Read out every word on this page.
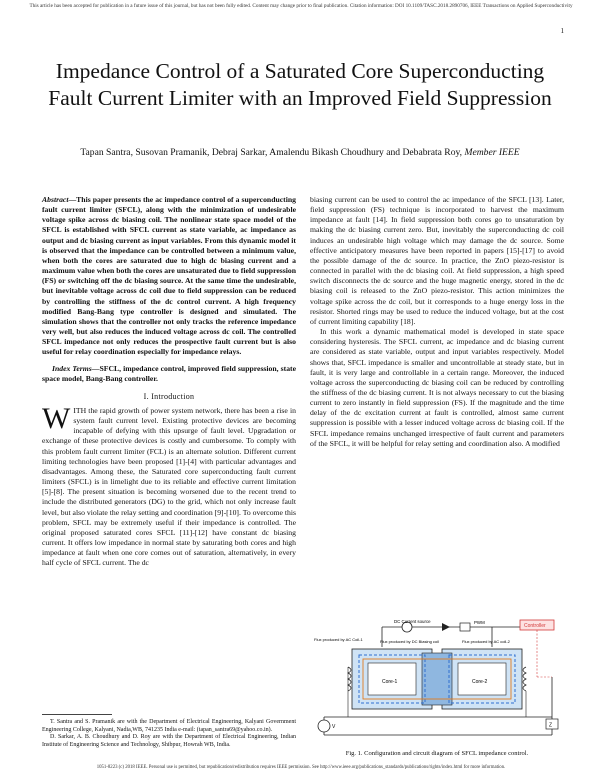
This article has been accepted for publication in a future issue of this journal, but has not been fully edited. Content may change prior to final publication. Citation information: DOI 10.1109/TASC.2018.2890706, IEEE Transactions on Applied Superconductivity
1
Impedance Control of a Saturated Core Superconducting Fault Current Limiter with an Improved Field Suppression
Tapan Santra, Susovan Pramanik, Debraj Sarkar, Amalendu Bikash Choudhury and Debabrata Roy, Member IEEE

Abstract—This paper presents the ac impedance control of a superconducting fault current limiter (SFCL), along with the minimization of undesirable voltage spike across dc biasing coil. The nonlinear state space model of the SFCL is established with SFCL current as state variable, ac impedance as output and dc biasing current as input variables. From this dynamic model it is observed that the impedance can be controlled between a minimum value, when both the cores are saturated due to high dc biasing current and a maximum value when both the cores are unsaturated due to field suppression (FS) or switching off the dc biasing source. At the same time the undesirable, but inevitable voltage across dc coil due to field suppression can be reduced by controlling the stiffness of the dc control current. A high frequency modified Bang-Bang type controller is designed and simulated. The simulation shows that the controller not only tracks the reference impedance very well, but also reduces the induced voltage across dc coil. The controlled SFCL impedance not only reduces the prospective fault current but is also useful for relay coordination especially for impedance relays.

Index Terms—SFCL, impedance control, improved field suppression, state space model, Bang-Bang controller.

I. Introduction

WITH the rapid growth of power system network, there has been a rise in system fault current level. Existing protective devices are becoming incapable of defying with this upsurge of fault level. Upgradation or exchange of these protective devices is costly and cumbersome. To comply with this problem fault current limiter (FCL) is an alternate solution. Different current limiting technologies have been proposed [1]-[4] with particular advantages and disadvantages. Among these, the Saturated core superconducting fault current limiters (SFCL) is in limelight due to its reliable and effective current limitation [5]-[8]. The present situation is becoming worsened due to the recent trend to include the distributed generators (DG) to the grid, which not only increase fault level, but also violate the relay setting and coordination [9]-[10]. To overcome this problem, SFCL may be extremely useful if their impedance is controlled. The original proposed saturated cores SFCL [11]-[12] have constant dc biasing current. It offers low impedance in normal state by saturating both cores and high impedance at fault when one core comes out of saturation, alternatively, in every half cycle of SFCL current. The dc

biasing current can be used to control the ac impedance of the SFCL [13]. Later, field suppression (FS) technique is incorporated to harvest the maximum impedance at fault [14]. In field suppression both cores go to unsaturation by making the dc biasing current zero. But, inevitably the superconducting dc coil induces an undesirable high voltage which may damage the dc source. Some effective anticipatory measures have been reported in papers [15]-[17] to avoid the possible damage of the dc source. In practice, the ZnO piezo-resistor is connected in parallel with the dc biasing coil. At field suppression, a high speed switch disconnects the dc source and the huge magnetic energy, stored in the dc biasing coil is released to the ZnO piezo-resistor. This action minimizes the voltage spike across the dc coil, but it corresponds to a huge energy loss in the resistor. Shorted rings may be used to reduce the induced voltage, but at the cost of current limiting capability [18].

In this work a dynamic mathematical model is developed in state space considering hysteresis. The SFCL current, ac impedance and dc biasing current are considered as state variable, output and input variables respectively. Model shows that, SFCL impedance is smaller and uncontrollable at steady state, but in fault, it is very large and controllable in a certain range. Moreover, the induced voltage across the superconducting dc biasing coil can be reduced by controlling the stiffness of the dc biasing current. It is not always necessary to cut the biasing current to zero instantly in field suppression (FS). If the magnitude and the time delay of the dc excitation current at fault is controlled, almost same current suppression is possible with a lesser induced voltage across dc biasing coil. If the SFCL impedance remains unchanged irrespective of fault current and parameters of the SFCL, it will be helpful for relay setting and coordination also. A modified

T. Santra and S. Pramanik are with the Department of Electrical Engineering, Kalyani Government Engineering College, Kalyani, Nadia,WB, 741235 India e-mail: (tapan_santra69@yahoo.co.in).

D. Sarkar, A. B. Choudhury and D. Roy are with the Department of Electrical Engineering, Indian Institute of Engineering Science and Technology, Shibpur, Howrah WB, India.

DC Current source	PWM
Controller
Flux produced by AC Coil-1	Flux produced by DC Biasing coil	Flux produced by AC coil-2
Core-1	Core-2
V	Z
Fig. 1. Configuration and circuit diagram of SFCL impedance control.
1051-8223 (c) 2018 IEEE. Personal use is permitted, but republication/redistribution requires IEEE permission. See http://www.ieee.org/publications_standards/publications/rights/index.html for more information.
